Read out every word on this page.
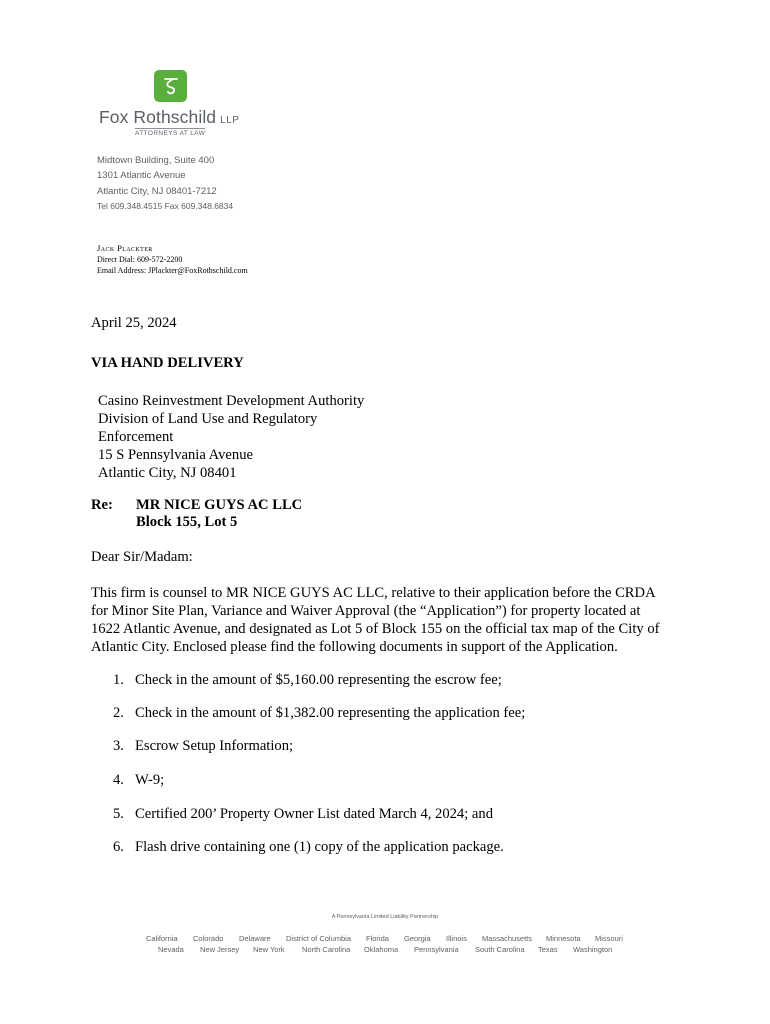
Fox Rothschild LLP
ATTORNEYS AT LAW
Midtown Building, Suite 400
1301 Atlantic Avenue
Atlantic City, NJ 08401-7212
Tel 609.348.4515 Fax 609.348.6834
Jack Plackter
Direct Dial: 609-572-2200
Email Address: JPlackter@FoxRothschild.com
April 25, 2024
VIA HAND DELIVERY
Casino Reinvestment Development Authority
Division of Land Use and Regulatory
Enforcement
15 S Pennsylvania Avenue
Atlantic City, NJ 08401
Re: MR NICE GUYS AC LLC
Block 155, Lot 5
Dear Sir/Madam:
This firm is counsel to MR NICE GUYS AC LLC, relative to their application before the CRDA
for Minor Site Plan, Variance and Waiver Approval (the “Application”) for property located at
1622 Atlantic Avenue, and designated as Lot 5 of Block 155 on the official tax map of the City of
Atlantic City. Enclosed please find the following documents in support of the Application.
1. Check in the amount of $5,160.00 representing the escrow fee;
2. Check in the amount of $1,382.00 representing the application fee;
3. Escrow Setup Information;
4. W-9;
5. Certified 200’ Property Owner List dated March 4, 2024; and
6. Flash drive containing one (1) copy of the application package.
A Pennsylvania Limited Liability Partnership
California Colorado Delaware District of Columbia Florida Georgia Illinois Massachusetts Minnesota Missouri
Nevada New Jersey New York North Carolina Oklahoma Pennsylvania South Carolina Texas Washington
